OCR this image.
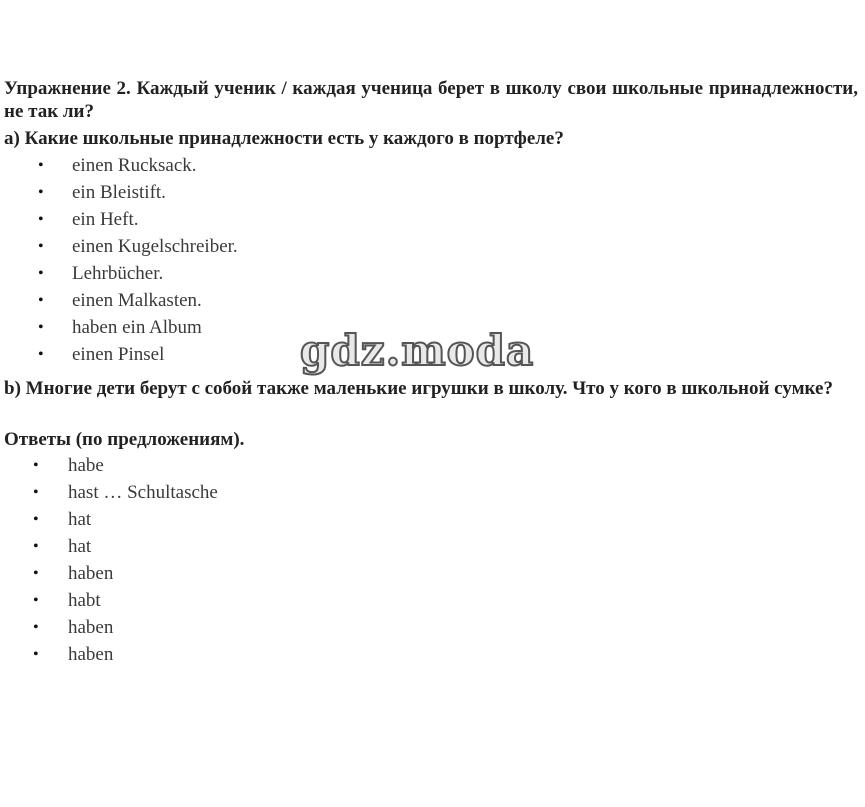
Упражнение 2. Каждый ученик / каждая ученица берет в школу свои школьные принадлежности, не так ли?

a) Какие школьные принадлежности есть у каждого в портфеле?

• einen Rucksack.
• ein Bleistift.
• ein Heft.
• einen Kugelschreiber.
• Lehrbücher.
• einen Malkasten.
• haben ein Album
• einen Pinsel

b) Многие дети берут с собой также маленькие игрушки в школу. Что у кого в школьной сумке?

Ответы (по предложениям).

• habe
• hast … Schultasche
• hat
• hat
• haben
• habt
• haben
• haben
gdz.moda
